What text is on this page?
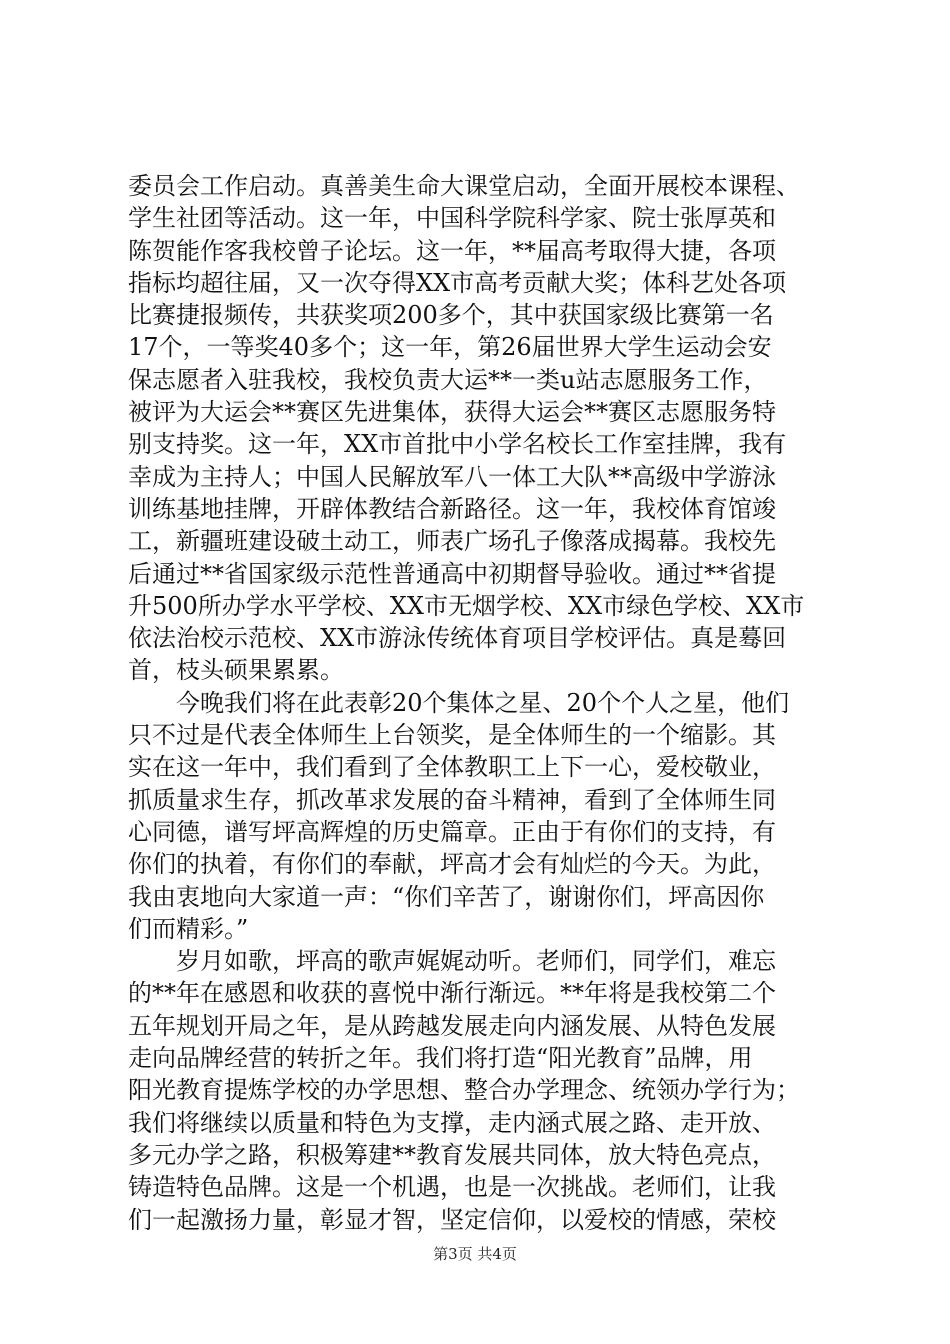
委员会工作启动。真善美生命大课堂启动，全面开展校本课程、
学生社团等活动。这一年，中国科学院科学家、院士张厚英和
陈贺能作客我校曾子论坛。这一年，**届高考取得大捷，各项
指标均超往届，又一次夺得XX市高考贡献大奖；体科艺处各项
比赛捷报频传，共获奖项200多个，其中获国家级比赛第一名
17个，一等奖40多个；这一年，第26届世界大学生运动会安
保志愿者入驻我校，我校负责大运**一类u站志愿服务工作，
被评为大运会**赛区先进集体，获得大运会**赛区志愿服务特
别支持奖。这一年，XX市首批中小学名校长工作室挂牌，我有
幸成为主持人；中国人民解放军八一体工大队**高级中学游泳
训练基地挂牌，开辟体教结合新路径。这一年，我校体育馆竣
工，新疆班建设破土动工，师表广场孔子像落成揭幕。我校先
后通过**省国家级示范性普通高中初期督导验收。通过**省提
升500所办学水平学校、XX市无烟学校、XX市绿色学校、XX市
依法治校示范校、XX市游泳传统体育项目学校评估。真是蓦回
首，枝头硕果累累。
　　今晚我们将在此表彰20个集体之星、20个个人之星，他们
只不过是代表全体师生上台领奖，是全体师生的一个缩影。其
实在这一年中，我们看到了全体教职工上下一心，爱校敬业，
抓质量求生存，抓改革求发展的奋斗精神，看到了全体师生同
心同德，谱写坪高辉煌的历史篇章。正由于有你们的支持，有
你们的执着，有你们的奉献，坪高才会有灿烂的今天。为此，
我由衷地向大家道一声：“你们辛苦了，谢谢你们，坪高因你
们而精彩。”
　　岁月如歌，坪高的歌声娓娓动听。老师们，同学们，难忘
的**年在感恩和收获的喜悦中渐行渐远。**年将是我校第二个
五年规划开局之年，是从跨越发展走向内涵发展、从特色发展
走向品牌经营的转折之年。我们将打造“阳光教育”品牌，用
阳光教育提炼学校的办学思想、整合办学理念、统领办学行为；
我们将继续以质量和特色为支撑，走内涵式展之路、走开放、
多元办学之路，积极筹建**教育发展共同体，放大特色亮点，
铸造特色品牌。这是一个机遇，也是一次挑战。老师们，让我
们一起激扬力量，彰显才智，坚定信仰，以爱校的情感，荣校
第3页 共4页
